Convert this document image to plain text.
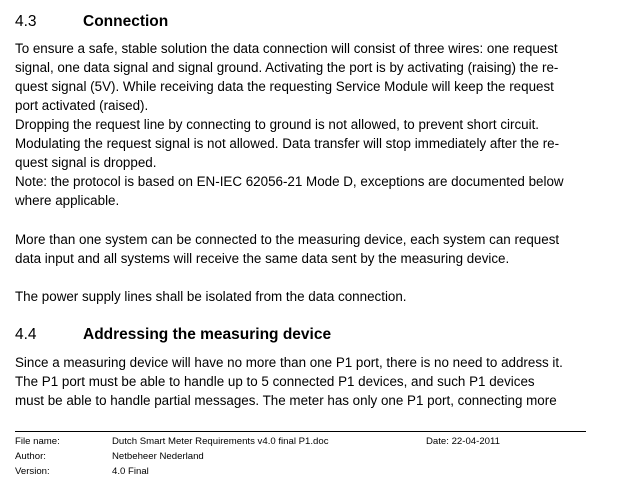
4.3	Connection
To ensure a safe, stable solution the data connection will consist of three wires: one request
signal, one data signal and signal ground. Activating the port is by activating (raising) the re-
quest signal (5V). While receiving data the requesting Service Module will keep the request
port activated (raised).
Dropping the request line by connecting to ground is not allowed, to prevent short circuit.
Modulating the request signal is not allowed. Data transfer will stop immediately after the re-
quest signal is dropped.
Note: the protocol is based on EN-IEC 62056-21 Mode D, exceptions are documented below
where applicable.
More than one system can be connected to the measuring device, each system can request
data input and all systems will receive the same data sent by the measuring device.
The power supply lines shall be isolated from the data connection.
4.4	Addressing the measuring device
Since a measuring device will have no more than one P1 port, there is no need to address it.
The P1 port must be able to handle up to 5 connected P1 devices, and such P1 devices
must be able to handle partial messages. The meter has only one P1 port, connecting more
File name:	Dutch Smart Meter Requirements v4.0 final P1.doc	Date: 22-04-2011
Author:	Netbeheer Nederland
Version:	4.0 Final
